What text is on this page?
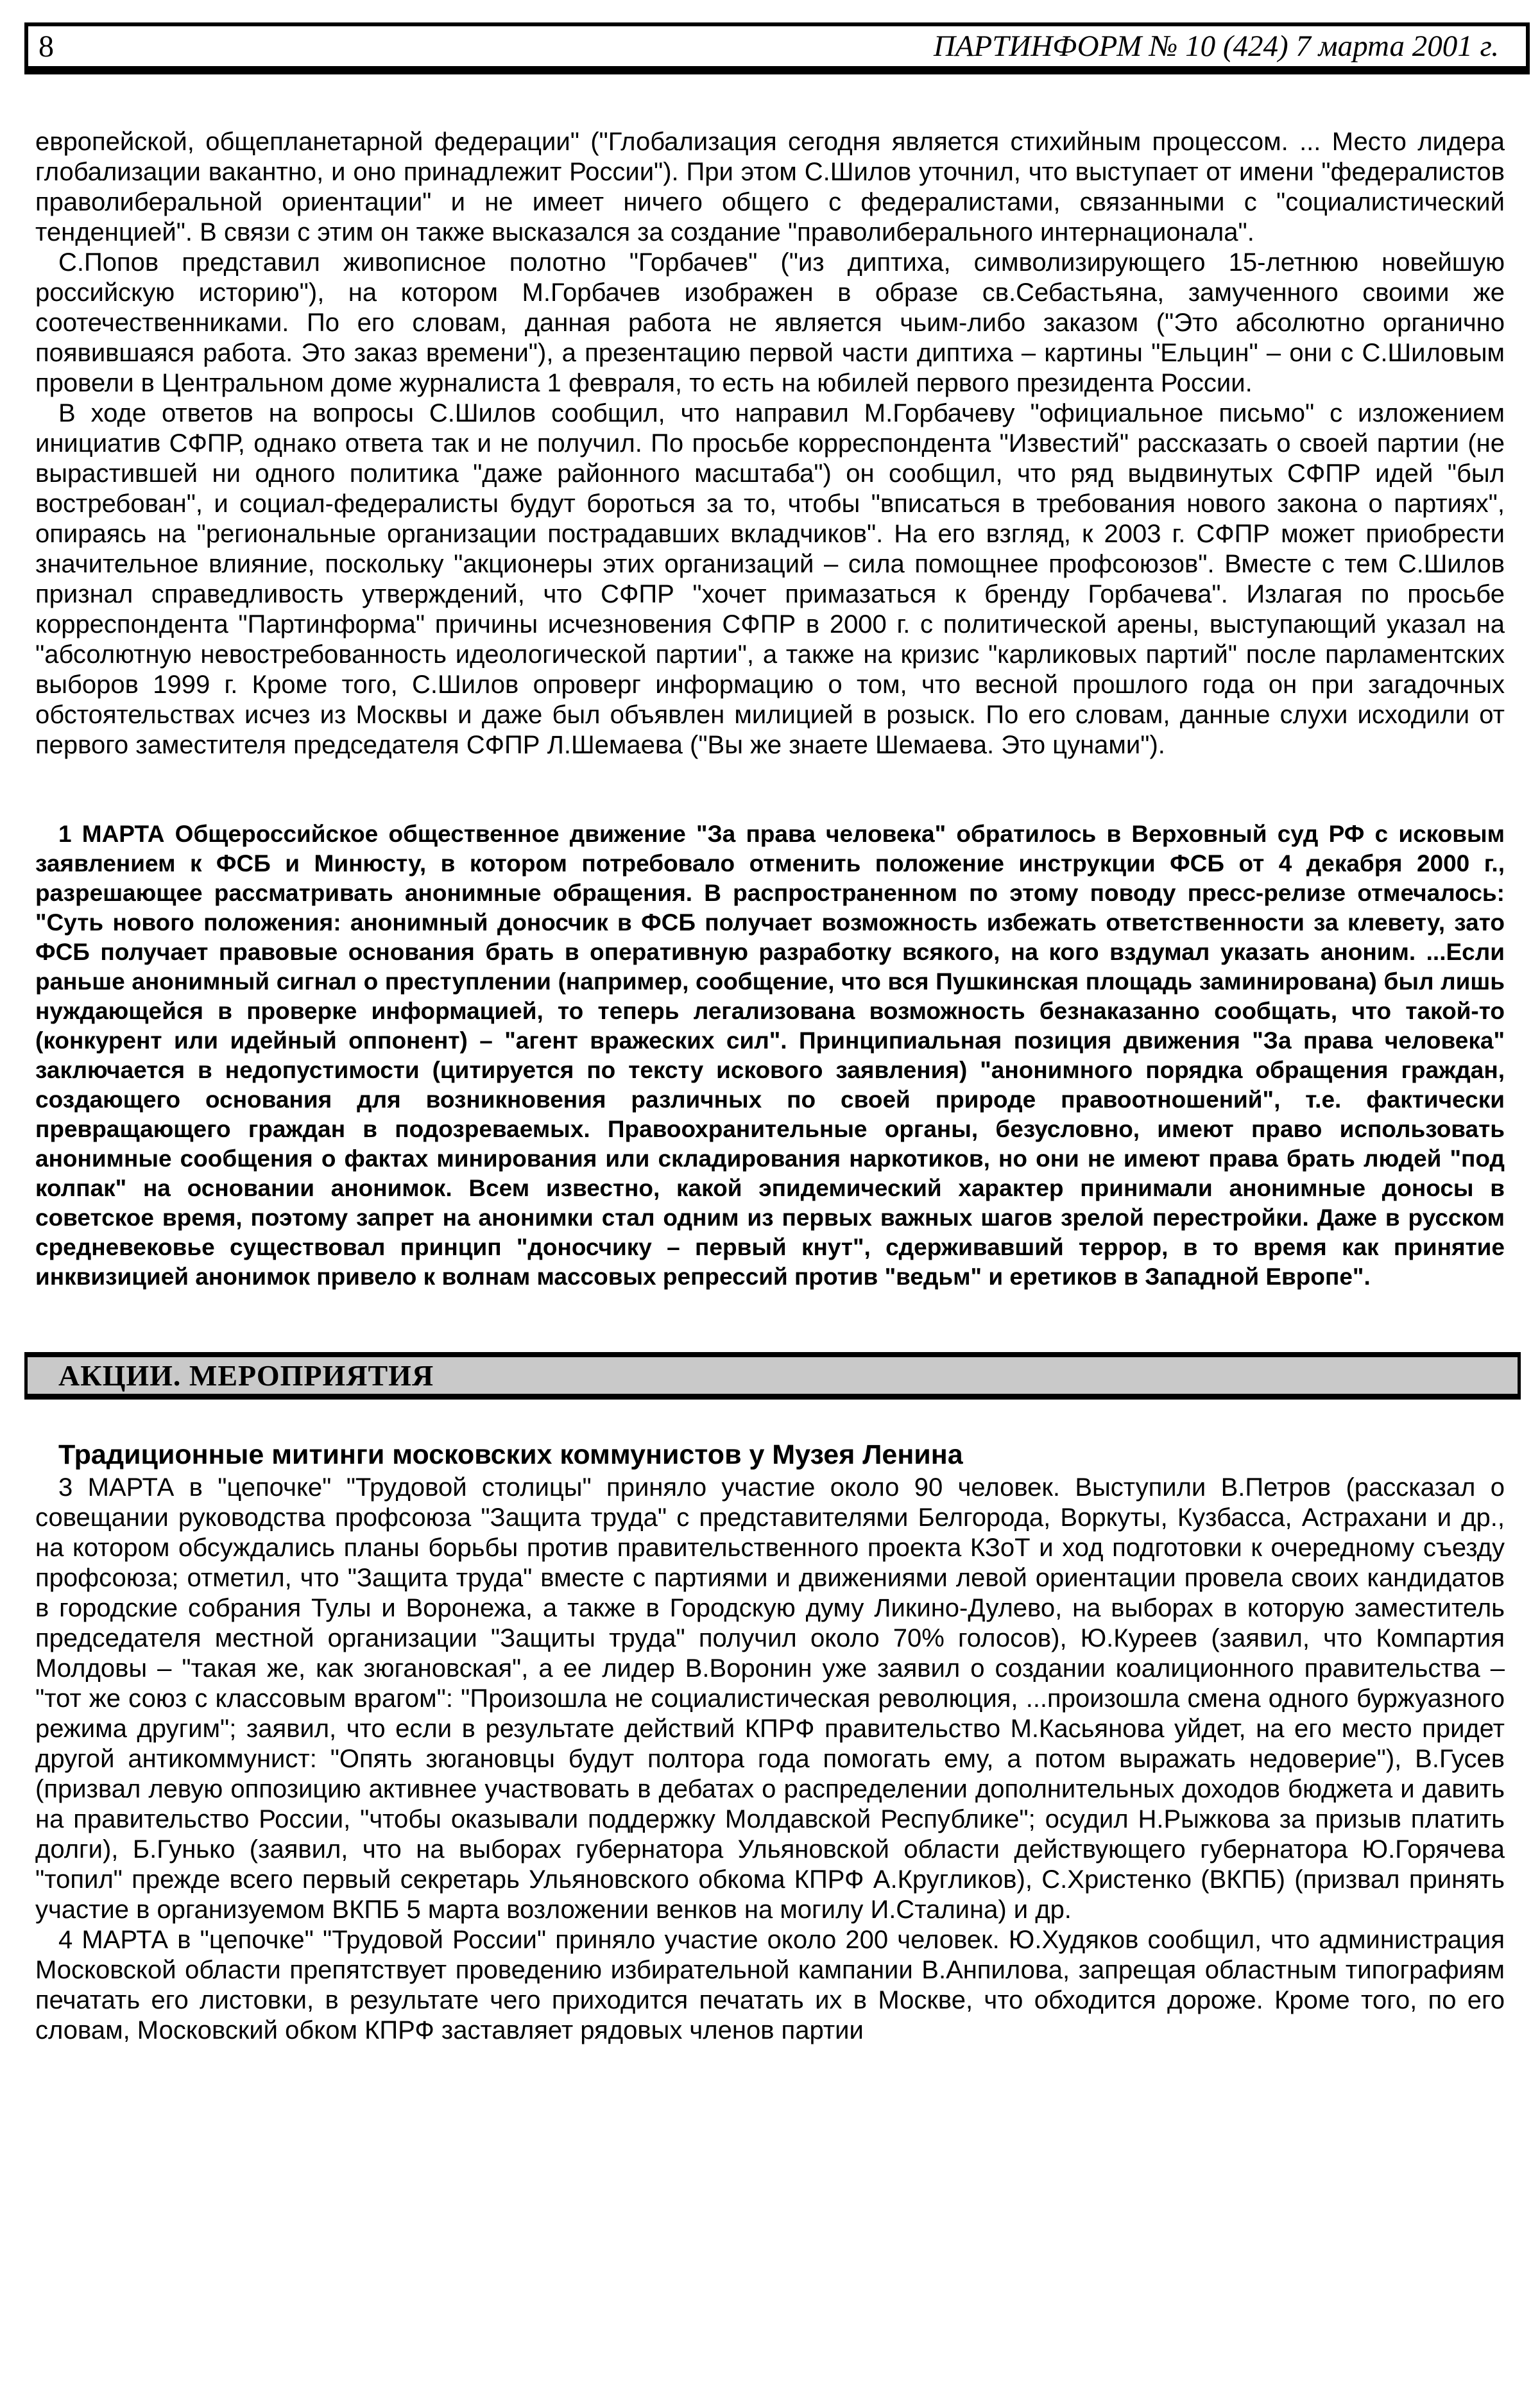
8	ПАРТИНФОРМ № 10 (424) 7 марта 2001 г.

европейской, общепланетарной федерации" ("Глобализация сегодня является стихийным процессом. ... Место лидера глобализации вакантно, и оно принадлежит России"). При этом С.Шилов уточнил, что выступает от имени "федералистов праволиберальной ориентации" и не имеет ничего общего с федералистами, связанными с "социалистический тенденцией". В связи с этим он также высказался за создание "праволиберального интернационала".

С.Попов представил живописное полотно "Горбачев" ("из диптиха, символизирующего 15-летнюю новейшую российскую историю"), на котором М.Горбачев изображен в образе св.Себастьяна, замученного своими же соотечественниками. По его словам, данная работа не является чьим-либо заказом ("Это абсолютно органично появившаяся работа. Это заказ времени"), а презентацию первой части диптиха – картины "Ельцин" – они с С.Шиловым провели в Центральном доме журналиста 1 февраля, то есть на юбилей первого президента России.

В ходе ответов на вопросы С.Шилов сообщил, что направил М.Горбачеву "официальное письмо" с изложением инициатив СФПР, однако ответа так и не получил. По просьбе корреспондента "Известий" рассказать о своей партии (не вырастившей ни одного политика "даже районного масштаба") он сообщил, что ряд выдвинутых СФПР идей "был востребован", и социал-федералисты будут бороться за то, чтобы "вписаться в требования нового закона о партиях", опираясь на "региональные организации пострадавших вкладчиков". На его взгляд, к 2003 г. СФПР может приобрести значительное влияние, поскольку "акционеры этих организаций – сила помощнее профсоюзов". Вместе с тем С.Шилов признал справедливость утверждений, что СФПР "хочет примазаться к бренду Горбачева". Излагая по просьбе корреспондента "Партинформа" причины исчезновения СФПР в 2000 г. с политической арены, выступающий указал на "абсолютную невостребованность идеологической партии", а также на кризис "карликовых партий" после парламентских выборов 1999 г. Кроме того, С.Шилов опроверг информацию о том, что весной прошлого года он при загадочных обстоятельствах исчез из Москвы и даже был объявлен милицией в розыск. По его словам, данные слухи исходили от первого заместителя председателя СФПР Л.Шемаева ("Вы же знаете Шемаева. Это цунами").

1 МАРТА Общероссийское общественное движение "За права человека" обратилось в Верховный суд РФ с исковым заявлением к ФСБ и Минюсту, в котором потребовало отменить положение инструкции ФСБ от 4 декабря 2000 г., разрешающее рассматривать анонимные обращения. В распространенном по этому поводу пресс-релизе отмечалось: "Суть нового положения: анонимный доносчик в ФСБ получает возможность избежать ответственности за клевету, зато ФСБ получает правовые основания брать в оперативную разработку всякого, на кого вздумал указать аноним. ...Если раньше анонимный сигнал о преступлении (например, сообщение, что вся Пушкинская площадь заминирована) был лишь нуждающейся в проверке информацией, то теперь легализована возможность безнаказанно сообщать, что такой-то (конкурент или идейный оппонент) – "агент вражеских сил". Принципиальная позиция движения "За права человека" заключается в недопустимости (цитируется по тексту искового заявления) "анонимного порядка обращения граждан, создающего основания для возникновения различных по своей природе правоотношений", т.е. фактически превращающего граждан в подозреваемых. Правоохранительные органы, безусловно, имеют право использовать анонимные сообщения о фактах минирования или складирования наркотиков, но они не имеют права брать людей "под колпак" на основании анонимок. Всем известно, какой эпидемический характер принимали анонимные доносы в советское время, поэтому запрет на анонимки стал одним из первых важных шагов зрелой перестройки. Даже в русском средневековье существовал принцип "доносчику – первый кнут", сдерживавший террор, в то время как принятие инквизицией анонимок привело к волнам массовых репрессий против "ведьм" и еретиков в Западной Европе".
АКЦИИ. МЕРОПРИЯТИЯ
Традиционные митинги московских коммунистов у Музея Ленина

3 МАРТА в "цепочке" "Трудовой столицы" приняло участие около 90 человек. Выступили В.Петров (рассказал о совещании руководства профсоюза "Защита труда" с представителями Белгорода, Воркуты, Кузбасса, Астрахани и др., на котором обсуждались планы борьбы против правительственного проекта КЗоТ и ход подготовки к очередному съезду профсоюза; отметил, что "Защита труда" вместе с партиями и движениями левой ориентации провела своих кандидатов в городские собрания Тулы и Воронежа, а также в Городскую думу Ликино-Дулево, на выборах в которую заместитель председателя местной организации "Защиты труда" получил около 70% голосов), Ю.Куреев (заявил, что Компартия Молдовы – "такая же, как зюгановская", а ее лидер В.Воронин уже заявил о создании коалиционного правительства – "тот же союз с классовым врагом": "Произошла не социалистическая революция, ...произошла смена одного буржуазного режима другим"; заявил, что если в результате действий КПРФ правительство М.Касьянова уйдет, на его место придет другой антикоммунист: "Опять зюгановцы будут полтора года помогать ему, а потом выражать недоверие"), В.Гусев (призвал левую оппозицию активнее участвовать в дебатах о распределении дополнительных доходов бюджета и давить на правительство России, "чтобы оказывали поддержку Молдавской Республике"; осудил Н.Рыжкова за призыв платить долги), Б.Гунько (заявил, что на выборах губернатора Ульяновской области действующего губернатора Ю.Горячева "топил" прежде всего первый секретарь Ульяновского обкома КПРФ А.Кругликов), С.Христенко (ВКПБ) (призвал принять участие в организуемом ВКПБ 5 марта возложении венков на могилу И.Сталина) и др.

4 МАРТА в "цепочке" "Трудовой России" приняло участие около 200 человек. Ю.Худяков сообщил, что администрация Московской области препятствует проведению избирательной кампании В.Анпилова, запрещая областным типографиям печатать его листовки, в результате чего приходится печатать их в Москве, что обходится дороже. Кроме того, по его словам, Московский обком КПРФ заставляет рядовых членов партии
